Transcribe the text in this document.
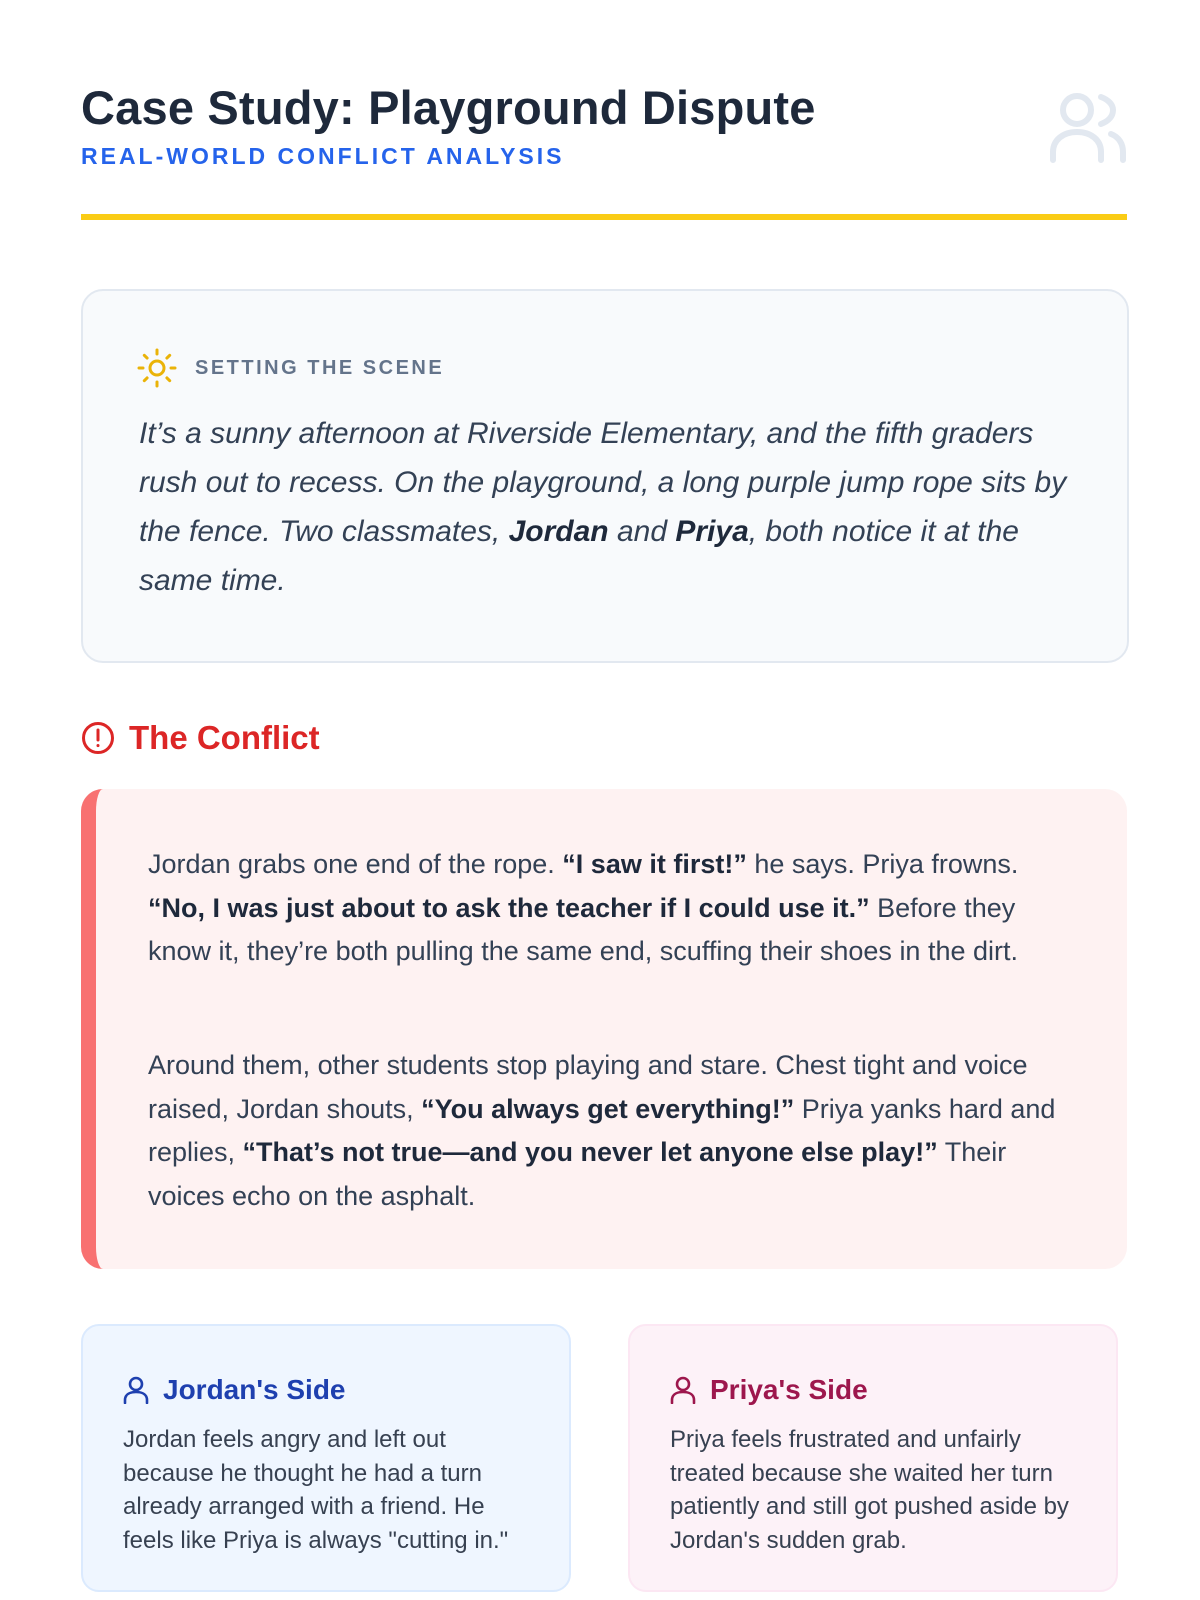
Case Study: Playground Dispute
REAL-WORLD CONFLICT ANALYSIS
SETTING THE SCENE

It’s a sunny afternoon at Riverside Elementary, and the fifth graders rush out to recess. On the playground, a long purple jump rope sits by the fence. Two classmates, Jordan and Priya, both notice it at the same time.

The Conflict

Jordan grabs one end of the rope. “I saw it first!” he says. Priya frowns. “No, I was just about to ask the teacher if I could use it.” Before they know it, they’re both pulling the same end, scuffing their shoes in the dirt.

Around them, other students stop playing and stare. Chest tight and voice raised, Jordan shouts, “You always get everything!” Priya yanks hard and replies, “That’s not true—and you never let anyone else play!” Their voices echo on the asphalt.

Jordan's Side

Jordan feels angry and left out because he thought he had a turn already arranged with a friend. He feels like Priya is always "cutting in."

Priya's Side

Priya feels frustrated and unfairly treated because she waited her turn patiently and still got pushed aside by Jordan's sudden grab.
